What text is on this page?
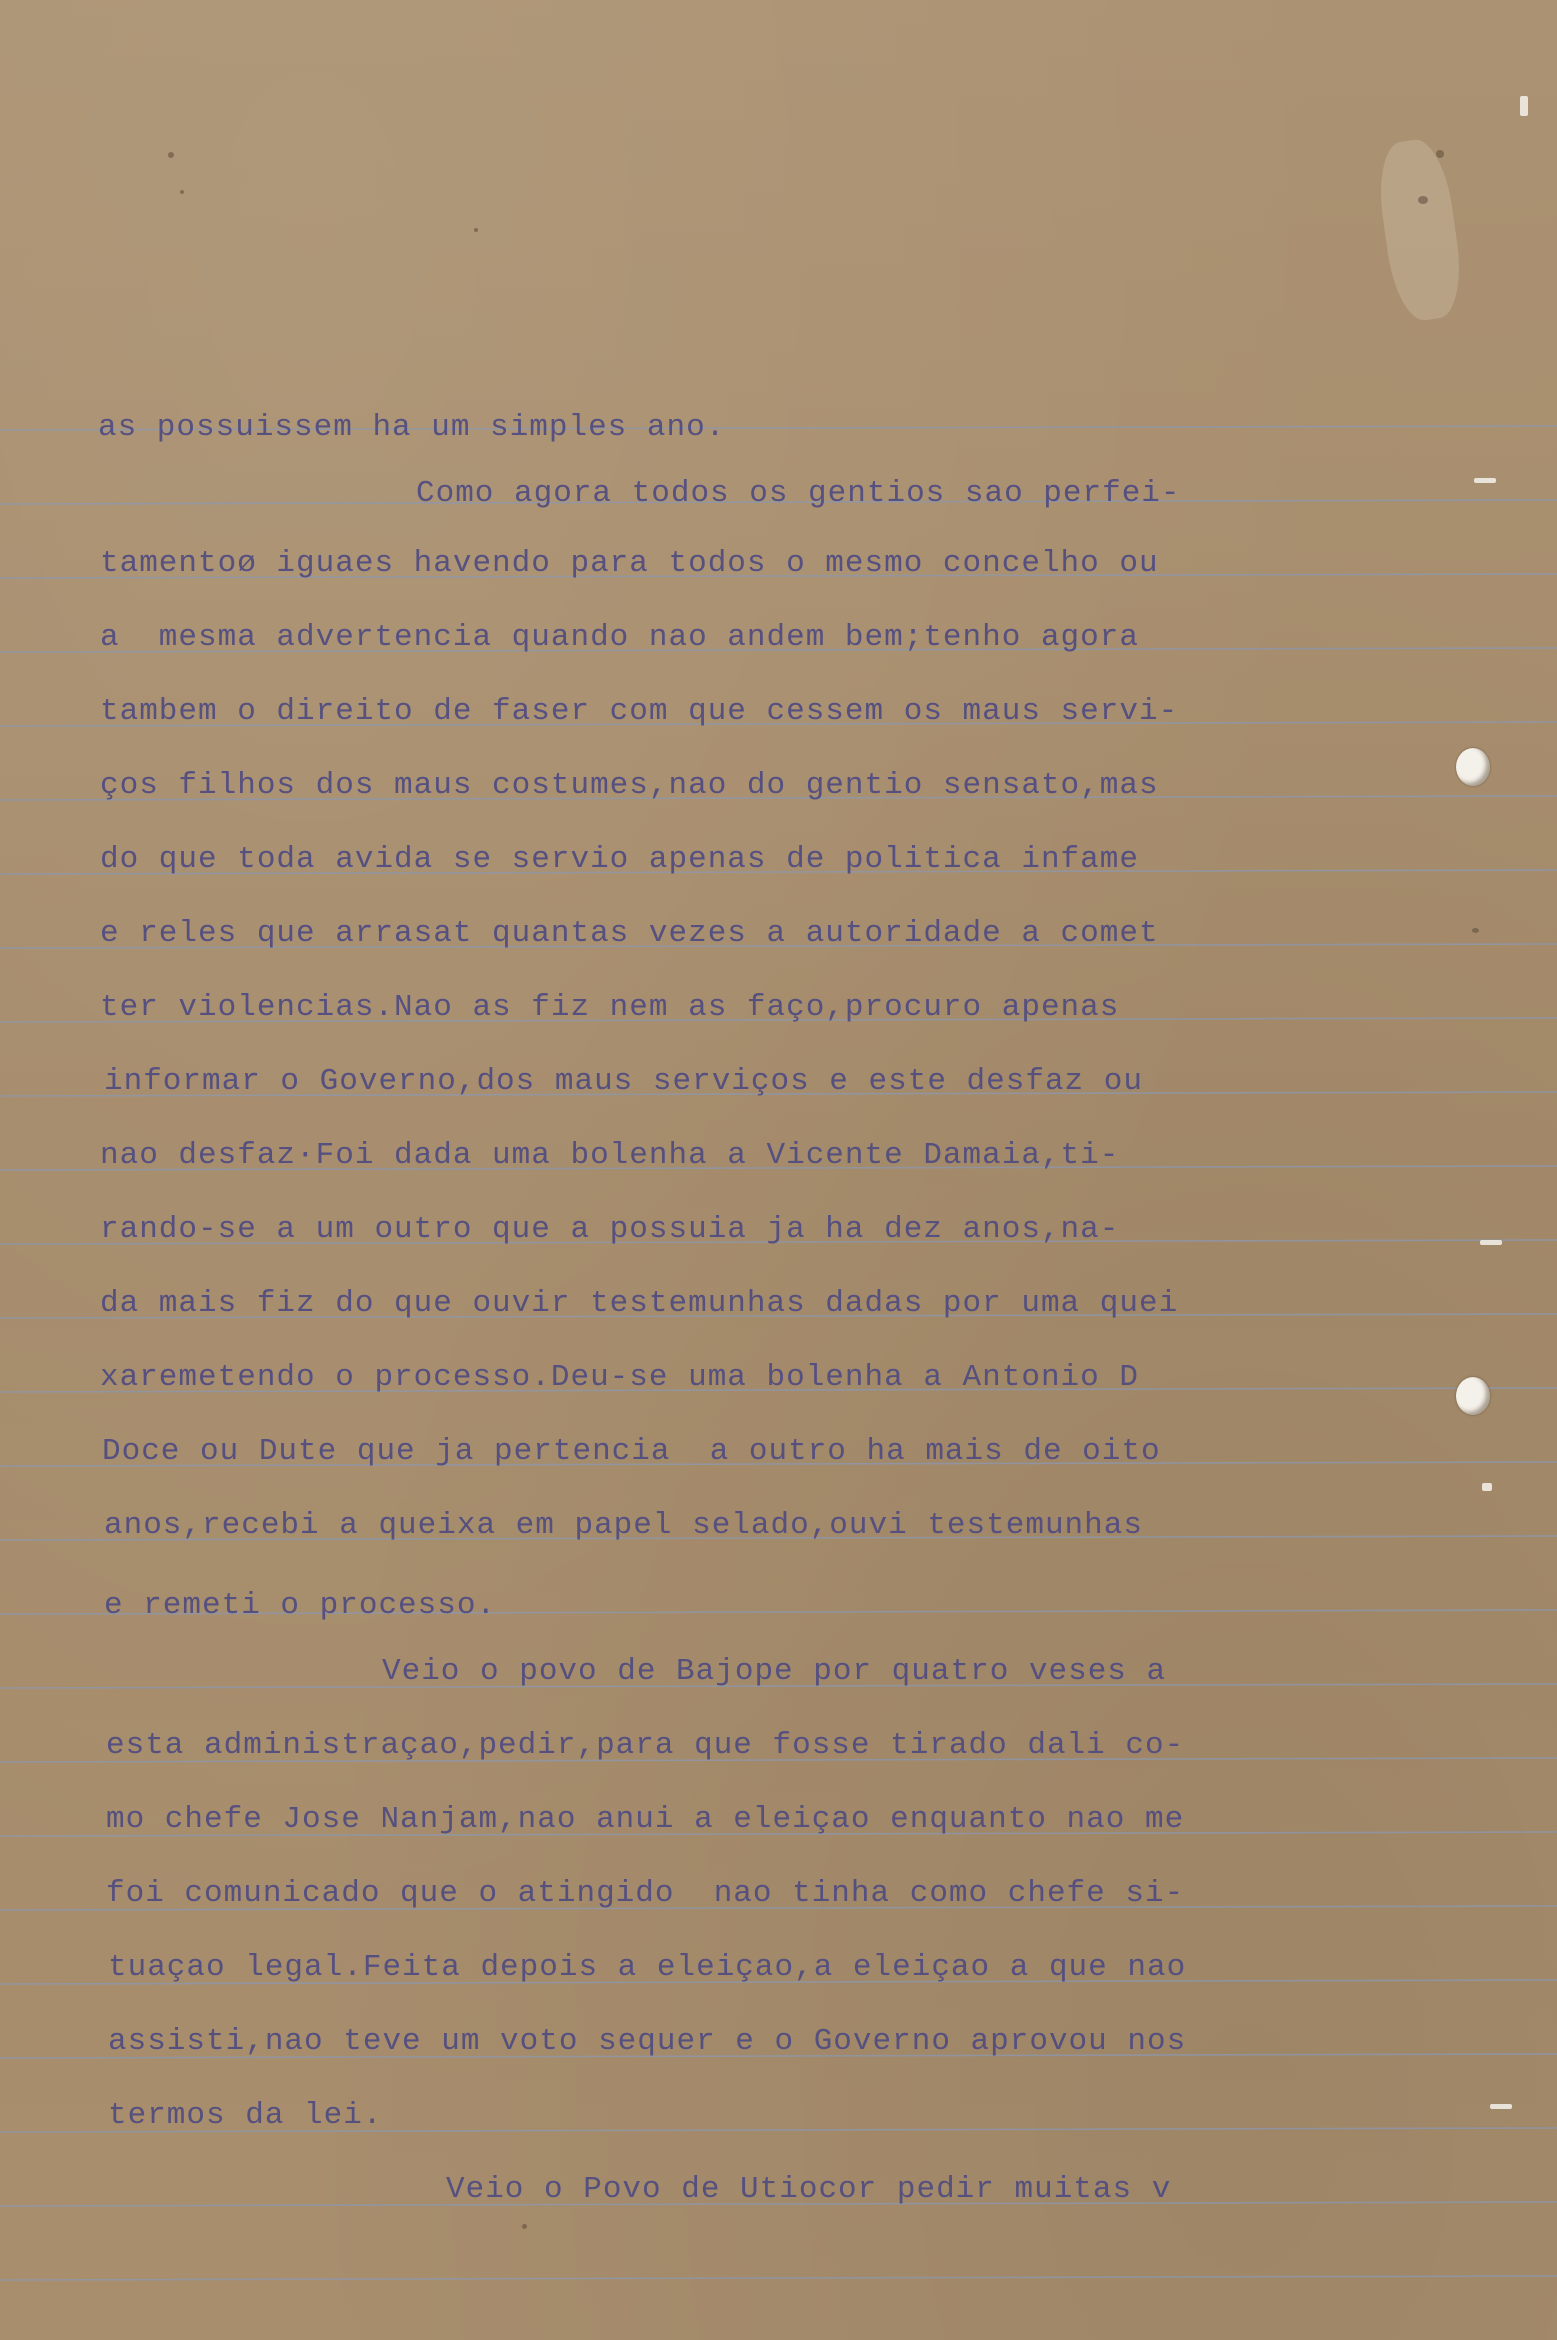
as possuissem ha um simples ano.
Como agora todos os gentios sao perfei-
tamentoø iguaes havendo para todos o mesmo concelho ou
a  mesma advertencia quando nao andem bem;tenho agora
tambem o direito de faser com que cessem os maus servi-
ços filhos dos maus costumes,nao do gentio sensato,mas
do que toda avida se servio apenas de politica infame
e reles que arrasat quantas vezes a autoridade a comet
ter violencias.Nao as fiz nem as faço,procuro apenas
informar o Governo,dos maus serviços e este desfaz ou
nao desfaz·Foi dada uma bolenha a Vicente Damaia,ti-
rando-se a um outro que a possuia ja ha dez anos,na-
da mais fiz do que ouvir testemunhas dadas por uma quei
xaremetendo o processo.Deu-se uma bolenha a Antonio D
Doce ou Dute que ja pertencia  a outro ha mais de oito
anos,recebi a queixa em papel selado,ouvi testemunhas
e remeti o processo.
Veio o povo de Bajope por quatro veses a
esta administraçao,pedir,para que fosse tirado dali co-
mo chefe Jose Nanjam,nao anui a eleiçao enquanto nao me
foi comunicado que o atingido  nao tinha como chefe si-
tuaçao legal.Feita depois a eleiçao,a eleiçao a que nao
assisti,nao teve um voto sequer e o Governo aprovou nos
termos da lei.
Veio o Povo de Utiocor pedir muitas v
